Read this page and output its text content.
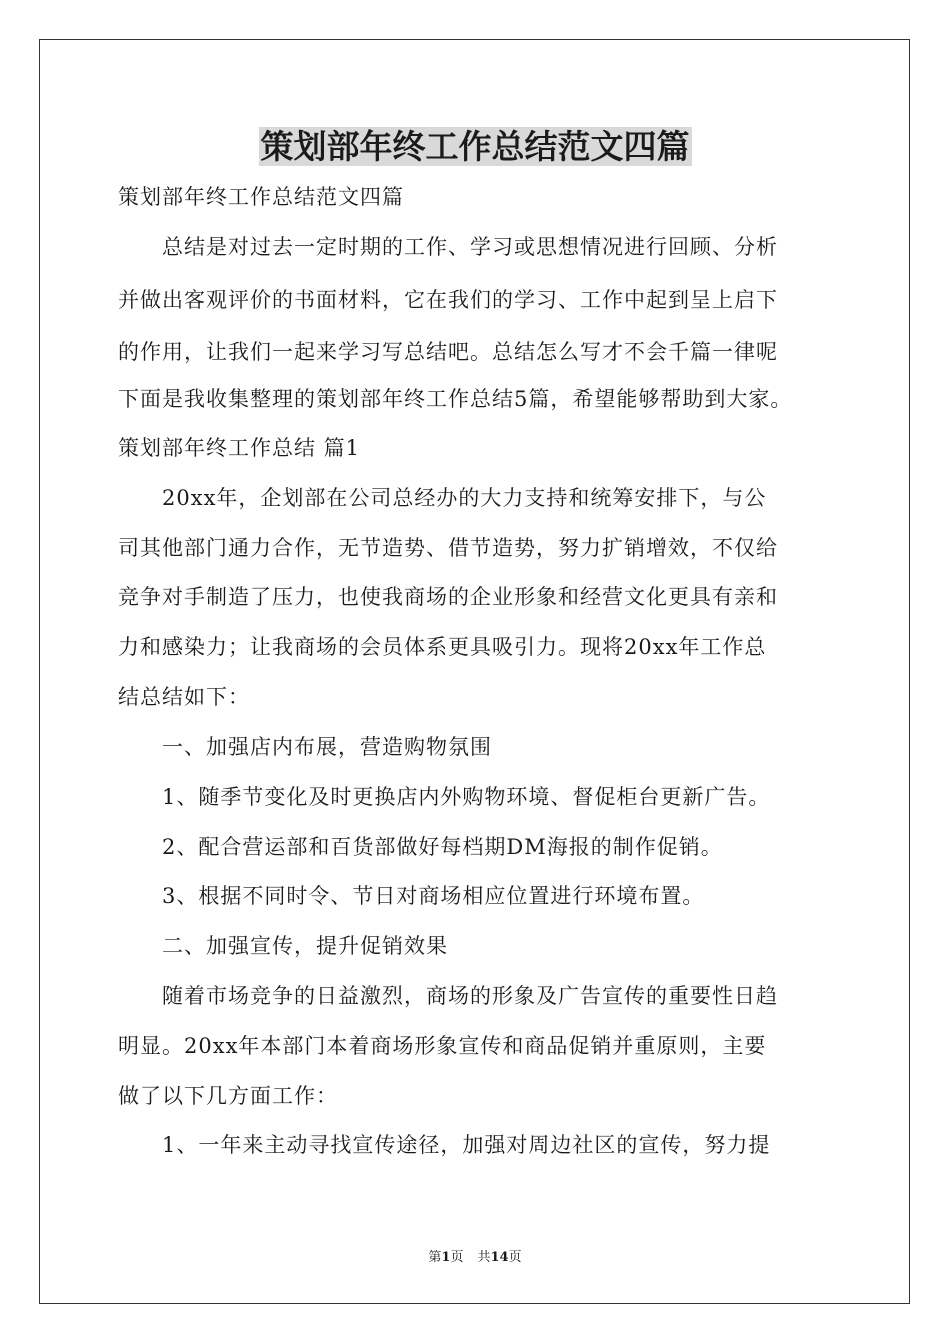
策划部年终工作总结范文四篇
策划部年终工作总结范文四篇
总结是对过去一定时期的工作、学习或思想情况进行回顾、分析
并做出客观评价的书面材料，它在我们的学习、工作中起到呈上启下
的作用，让我们一起来学习写总结吧。总结怎么写才不会千篇一律呢
下面是我收集整理的策划部年终工作总结5篇，希望能够帮助到大家。
策划部年终工作总结 篇1
20xx年，企划部在公司总经办的大力支持和统筹安排下，与公
司其他部门通力合作，无节造势、借节造势，努力扩销增效，不仅给
竞争对手制造了压力，也使我商场的企业形象和经营文化更具有亲和
力和感染力；让我商场的会员体系更具吸引力。现将20xx年工作总
结总结如下：
一、加强店内布展，营造购物氛围
1、随季节变化及时更换店内外购物环境、督促柜台更新广告。
2、配合营运部和百货部做好每档期DM海报的制作促销。
3、根据不同时令、节日对商场相应位置进行环境布置。
二、加强宣传，提升促销效果
随着市场竞争的日益激烈，商场的形象及广告宣传的重要性日趋
明显。20xx年本部门本着商场形象宣传和商品促销并重原则，主要
做了以下几方面工作：
1、一年来主动寻找宣传途径，加强对周边社区的宣传，努力提
第1页 共14页
